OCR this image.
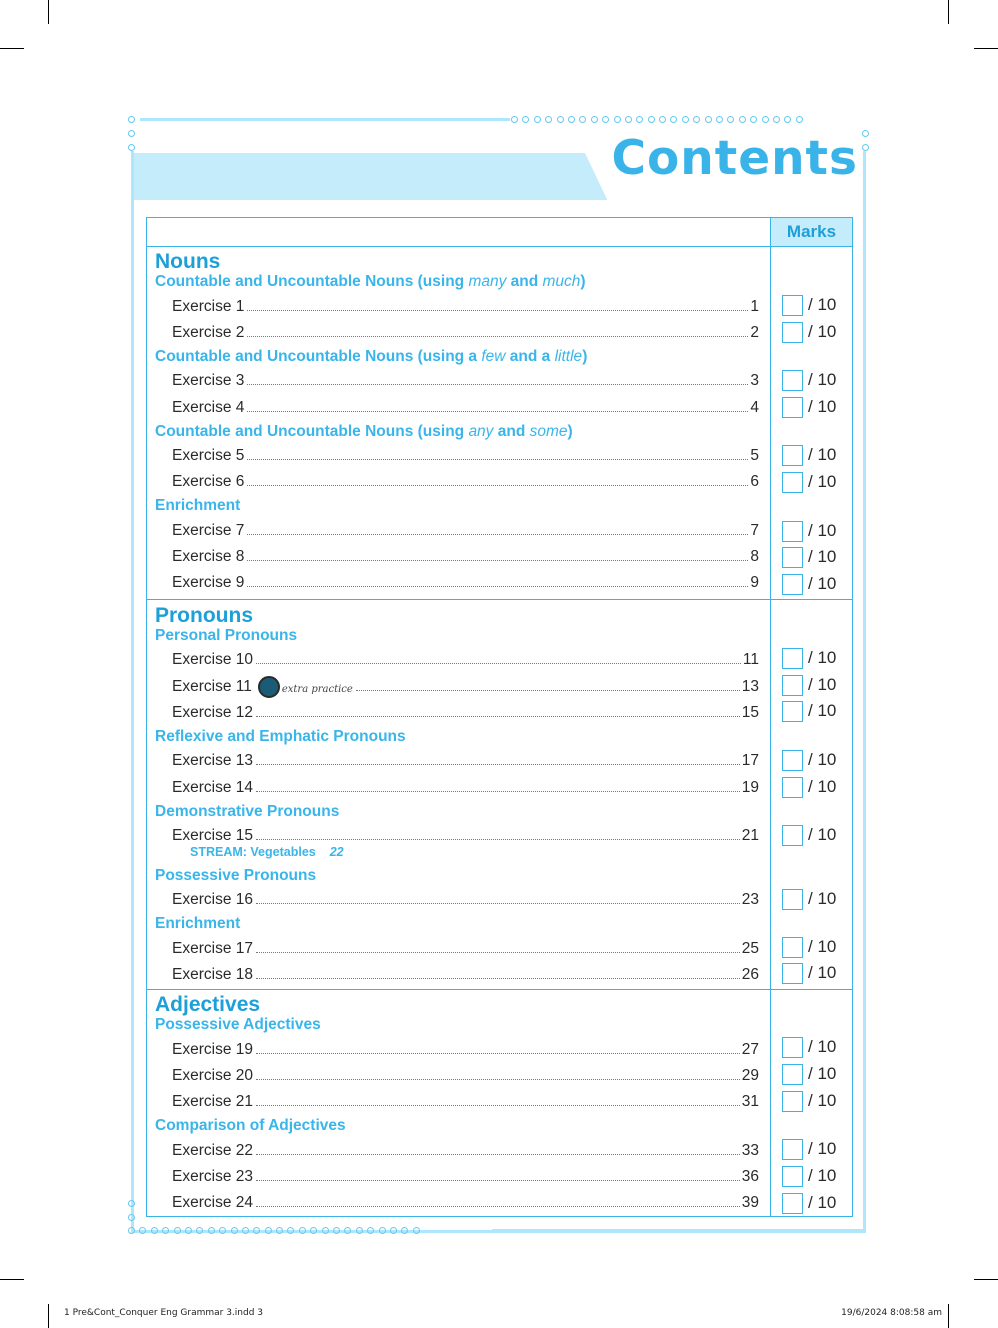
Contents
Marks
Nouns
Countable and Uncountable Nouns (using many and much)
Exercise 1	1	/ 10
Exercise 2	2	/ 10
Countable and Uncountable Nouns (using a few and a little)
Exercise 3	3	/ 10
Exercise 4	4	/ 10
Countable and Uncountable Nouns (using any and some)
Exercise 5	5	/ 10
Exercise 6	6	/ 10
Enrichment
Exercise 7	7	/ 10
Exercise 8	8	/ 10
Exercise 9	9	/ 10
Pronouns
Personal Pronouns
Exercise 10	11	/ 10
Exercise 11	extra practice	13	/ 10
Exercise 12	15	/ 10
Reflexive and Emphatic Pronouns
Exercise 13	17	/ 10
Exercise 14	19	/ 10
Demonstrative Pronouns
Exercise 15	21	/ 10
STREAM: Vegetables 22
Possessive Pronouns
Exercise 16	23	/ 10
Enrichment
Exercise 17	25	/ 10
Exercise 18	26	/ 10
Adjectives
Possessive Adjectives
Exercise 19	27	/ 10
Exercise 20	29	/ 10
Exercise 21	31	/ 10
Comparison of Adjectives
Exercise 22	33	/ 10
Exercise 23	36	/ 10
Exercise 24	39	/ 10
1 Pre&Cont_Conquer Eng Grammar 3.indd 3	19/6/2024 8:08:58 am
